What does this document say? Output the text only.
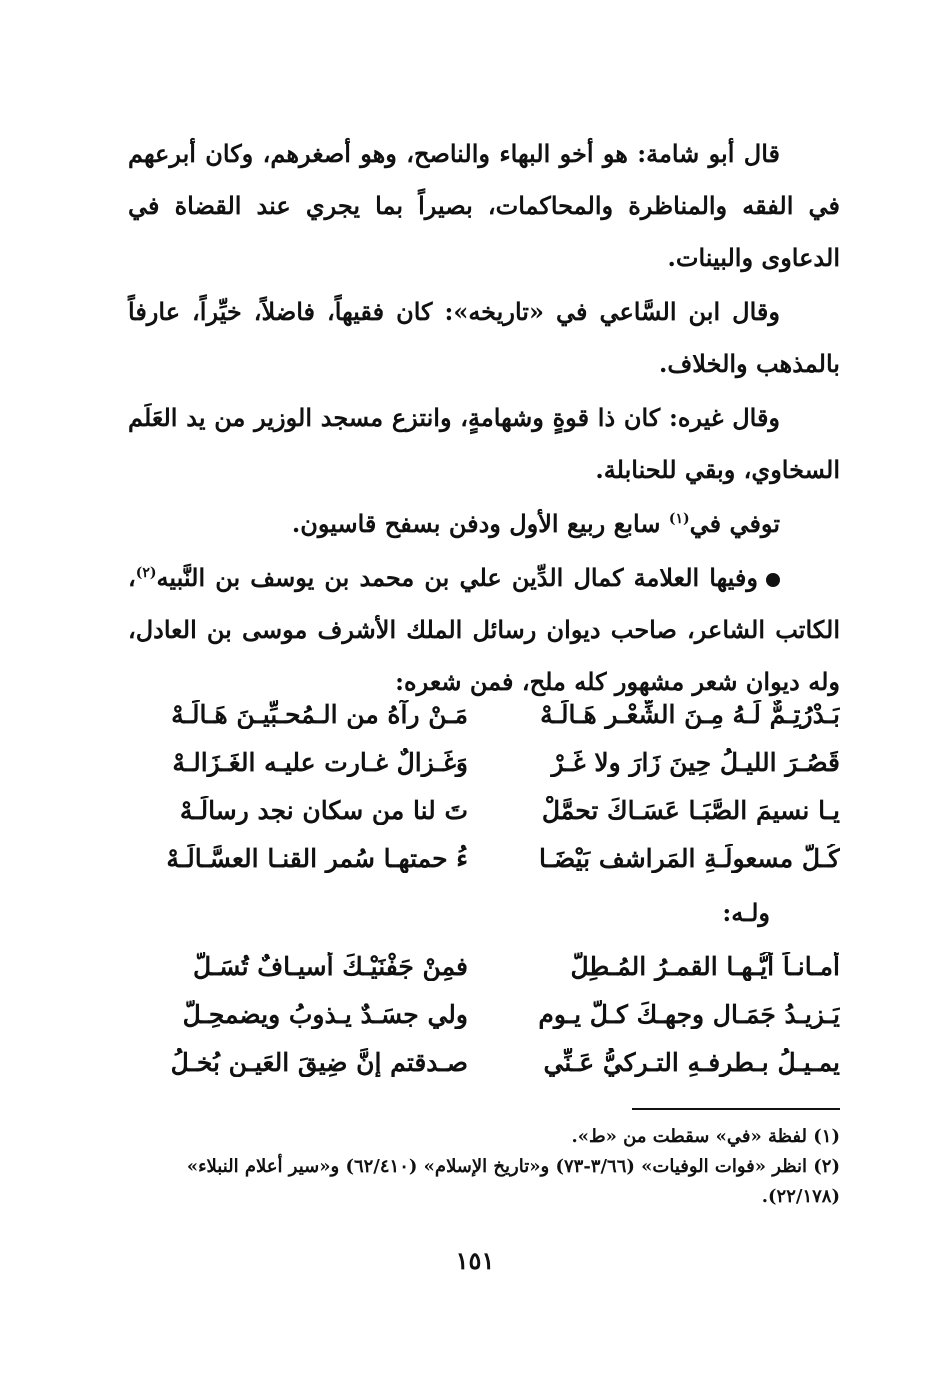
قال أبو شامة: هو أخو البهاء والناصح، وهو أصغرهم، وكان أبرعهم في الفقه والمناظرة والمحاكمات، بصيراً بما يجري عند القضاة في الدعاوى والبينات.

وقال ابن السَّاعي في «تاريخه»: كان فقيهاً، فاضلاً، خيِّراً، عارفاً بالمذهب والخلاف.

وقال غيره: كان ذا قوةٍ وشهامةٍ، وانتزع مسجد الوزير من يد العَلَم السخاوي، وبقي للحنابلة.

توفي في$^{(١)}$ سابع ربيع الأول ودفن بسفح قاسيون.

وفيها العلامة كمال الدِّين علي بن محمد بن يوسف بن النَّبيه$^{(٢)}$، الكاتب الشاعر، صاحب ديوان رسائل الملك الأشرف موسى بن العادل، وله ديوان شعر مشهور كله ملح، فمن شعره:

بَـدْرُتِـمٌّ لَـهُ مِـنَ الشِّعْـرِ هَـالَـهْ
مَـنْ رآهُ من الـمُحـبِّيـنَ هَـالَـهْ
قَصُـرَ الليـلُ حِينَ زَارَ ولا غَـرْ
وَغَـزالٌ غـارت عليـه الغَـزَالـهْ
يـا نسيمَ الصَّبَـا عَسَـاكَ تحمَّلْ
تَ لنا من سكان نجد رِسالَـهْ
كُـلُّ مسعولَـةِ المَراشف بَيْضَـا
ءُ حمتهـا سُمر القنـا العسَّـالَـهْ
ولـه:
أمـانـاً أيُّـهـا القمـرُ المُـطِلُّ
فمِنْ جَفْنَيْـكَ أسيـافٌ تُسَـلُّ
يَـزِيـدُ جَمَـال وجهـكَ كـلَّ يـوم
ولي جسَـدٌ يـذوبُ ويضمحِـلُّ
يمـيـلُ بـطرفـهِ التـركيُّ عَـنِّي
صـدقتم إنَّ ضِيقَ العَيـنِ بُخـلُ

(١) لفظة «في» سقطت من «ط».

(٢) انظر «فوات الوفيات» (٣/٦٦-٧٣) و«تاريخ الإسلام» (٦٢/٤١٠) و«سير أعلام النبلاء» (٢٢/١٧٨).

١٥١
